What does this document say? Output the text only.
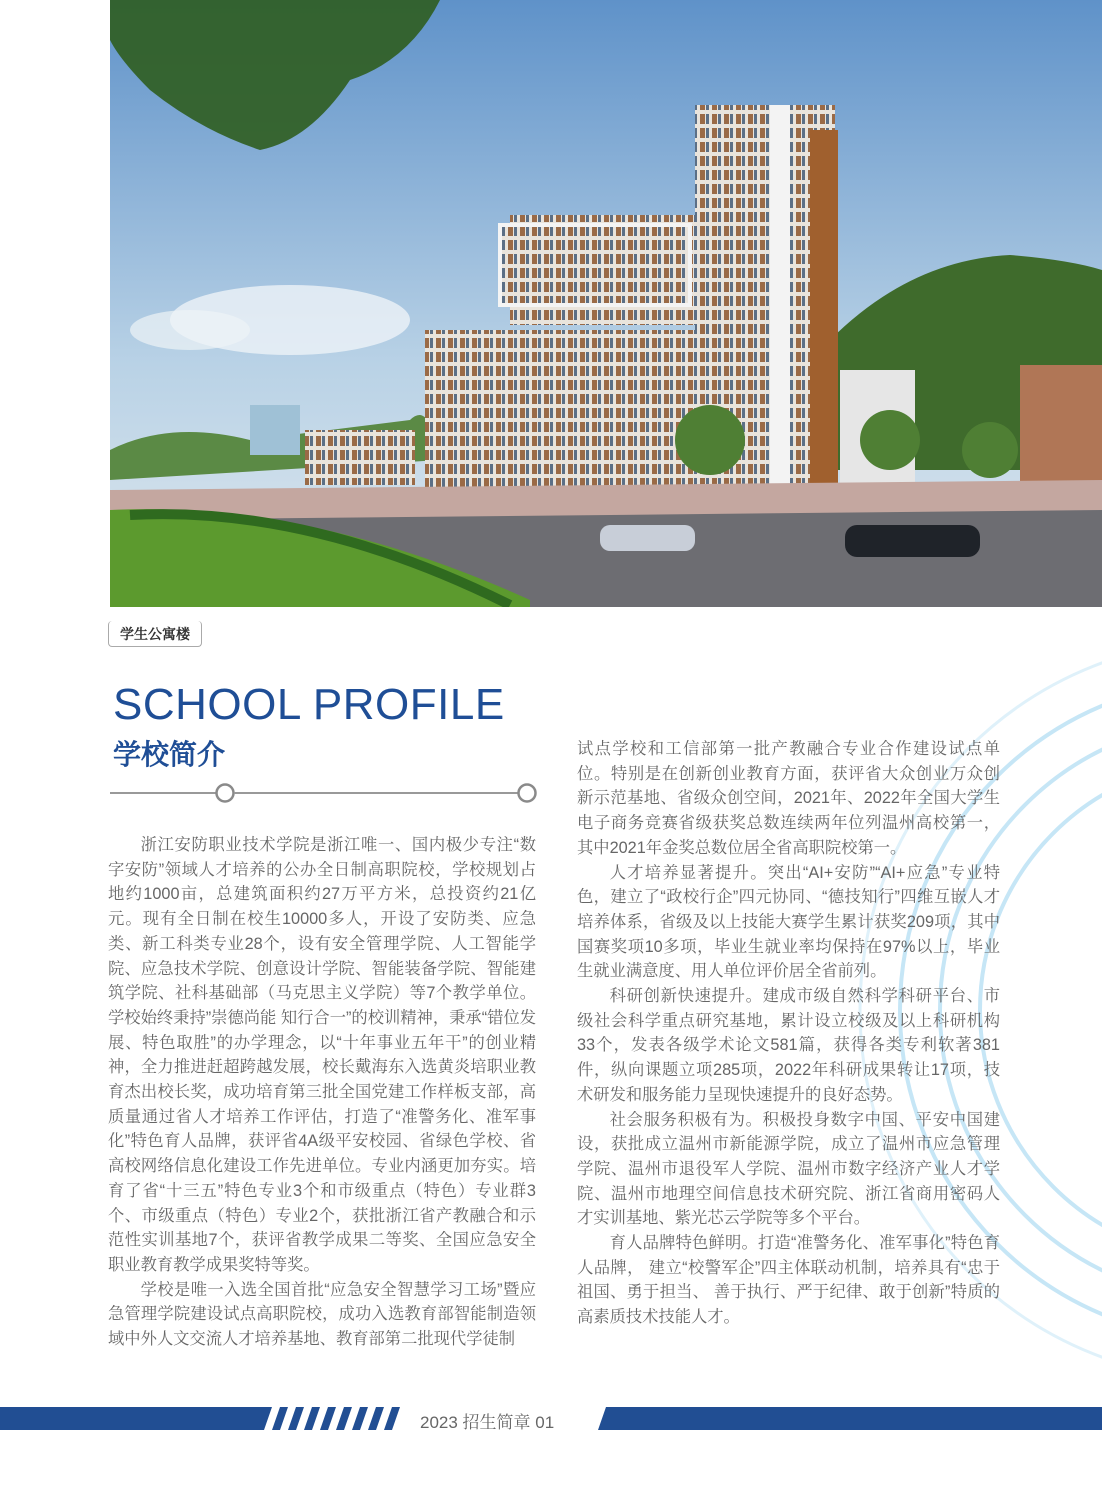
学生公寓楼
SCHOOL PROFILE
学校简介

浙江安防职业技术学院是浙江唯一、国内极少专注“数字安防”领域人才培养的公办全日制高职院校，学校规划占地约1000亩，总建筑面积约27万平方米，总投资约21亿元。现有全日制在校生10000多人，开设了安防类、应急类、新工科类专业28个，设有安全管理学院、人工智能学院、应急技术学院、创意设计学院、智能装备学院、智能建筑学院、社科基础部（马克思主义学院）等7个教学单位。学校始终秉持”崇德尚能 知行合一”的校训精神，秉承“错位发展、特色取胜”的办学理念，以“十年事业五年干”的创业精神，全力推进赶超跨越发展，校长戴海东入选黄炎培职业教育杰出校长奖，成功培育第三批全国党建工作样板支部，高质量通过省人才培养工作评估，打造了“准警务化、准军事化”特色育人品牌，获评省4A级平安校园、省绿色学校、省高校网络信息化建设工作先进单位。专业内涵更加夯实。培育了省“十三五”特色专业3个和市级重点（特色）专业群3个、市级重点（特色）专业2个，获批浙江省产教融合和示范性实训基地7个，获评省教学成果二等奖、全国应急安全职业教育教学成果奖特等奖。

学校是唯一入选全国首批“应急安全智慧学习工场”暨应急管理学院建设试点高职院校，成功入选教育部智能制造领域中外人文交流人才培养基地、教育部第二批现代学徒制

试点学校和工信部第一批产教融合专业合作建设试点单位。特别是在创新创业教育方面，获评省大众创业万众创新示范基地、省级众创空间，2021年、2022年全国大学生电子商务竞赛省级获奖总数连续两年位列温州高校第一，其中2021年金奖总数位居全省高职院校第一。

人才培养显著提升。突出“AI+安防”“AI+应急”专业特色，建立了“政校行企”四元协同、“德技知行”四维互嵌人才培养体系，省级及以上技能大赛学生累计获奖209项，其中国赛奖项10多项，毕业生就业率均保持在97%以上，毕业生就业满意度、用人单位评价居全省前列。

科研创新快速提升。建成市级自然科学科研平台、市级社会科学重点研究基地，累计设立校级及以上科研机构33个，发表各级学术论文581篇，获得各类专利软著381件，纵向课题立项285项，2022年科研成果转让17项，技术研发和服务能力呈现快速提升的良好态势。

社会服务积极有为。积极投身数字中国、平安中国建设，获批成立温州市新能源学院，成立了温州市应急管理学院、温州市退役军人学院、温州市数字经济产业人才学院、温州市地理空间信息技术研究院、浙江省商用密码人才实训基地、紫光芯云学院等多个平台。

育人品牌特色鲜明。打造“准警务化、准军事化”特色育人品牌， 建立“校警军企”四主体联动机制，培养具有“忠于祖国、勇于担当、 善于执行、严于纪律、敢于创新”特质的高素质技术技能人才。

2023 招生简章 01
